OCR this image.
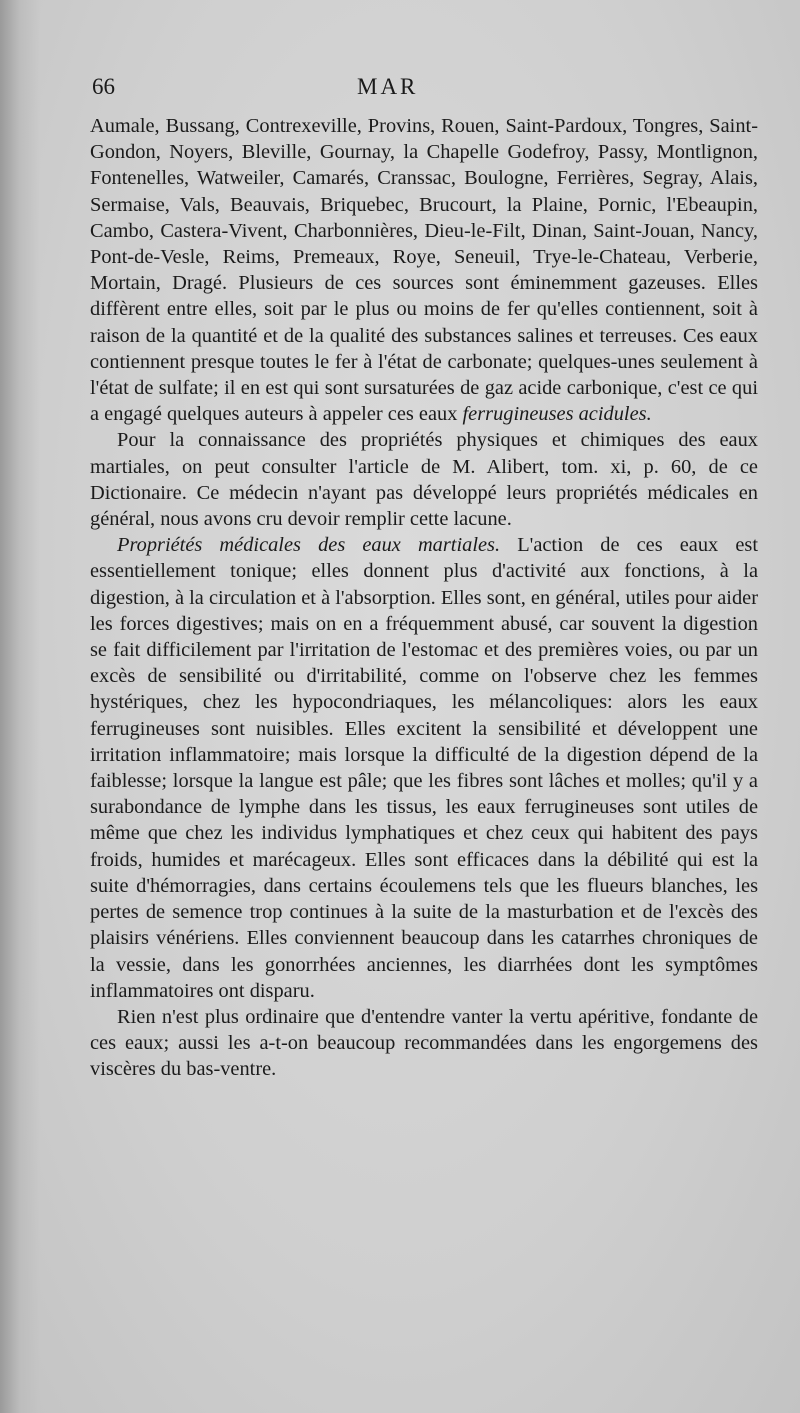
66	MAR

Aumale, Bussang, Contrexeville, Provins, Rouen, Saint-Pardoux, Tongres, Saint-Gondon, Noyers, Bleville, Gournay, la Chapelle Godefroy, Passy, Montlignon, Fontenelles, Watweiler, Camarés, Cranssac, Boulogne, Ferrières, Segray, Alais, Sermaise, Vals, Beauvais, Briquebec, Brucourt, la Plaine, Pornic, l'Ebeaupin, Cambo, Castera-Vivent, Charbonnières, Dieu-le-Filt, Dinan, Saint-Jouan, Nancy, Pont-de-Vesle, Reims, Premeaux, Roye, Seneuil, Trye-le-Chateau, Verberie, Mortain, Dragé. Plusieurs de ces sources sont éminemment gazeuses. Elles diffèrent entre elles, soit par le plus ou moins de fer qu'elles contiennent, soit à raison de la quantité et de la qualité des substances salines et terreuses. Ces eaux contiennent presque toutes le fer à l'état de carbonate; quelques-unes seulement à l'état de sulfate; il en est qui sont sursaturées de gaz acide carbonique, c'est ce qui a engagé quelques auteurs à appeler ces eaux ferrugineuses acidules.

Pour la connaissance des propriétés physiques et chimiques des eaux martiales, on peut consulter l'article de M. Alibert, tom. xi, p. 60, de ce Dictionaire. Ce médecin n'ayant pas développé leurs propriétés médicales en général, nous avons cru devoir remplir cette lacune.

Propriétés médicales des eaux martiales. L'action de ces eaux est essentiellement tonique; elles donnent plus d'activité aux fonctions, à la digestion, à la circulation et à l'absorption. Elles sont, en général, utiles pour aider les forces digestives; mais on en a fréquemment abusé, car souvent la digestion se fait difficilement par l'irritation de l'estomac et des premières voies, ou par un excès de sensibilité ou d'irritabilité, comme on l'observe chez les femmes hystériques, chez les hypocondriaques, les mélancoliques: alors les eaux ferrugineuses sont nuisibles. Elles excitent la sensibilité et développent une irritation inflammatoire; mais lorsque la difficulté de la digestion dépend de la faiblesse; lorsque la langue est pâle; que les fibres sont lâches et molles; qu'il y a surabondance de lymphe dans les tissus, les eaux ferrugineuses sont utiles de même que chez les individus lymphatiques et chez ceux qui habitent des pays froids, humides et marécageux. Elles sont efficaces dans la débilité qui est la suite d'hémorragies, dans certains écoulemens tels que les flueurs blanches, les pertes de semence trop continues à la suite de la masturbation et de l'excès des plaisirs vénériens. Elles conviennent beaucoup dans les catarrhes chroniques de la vessie, dans les gonorrhées anciennes, les diarrhées dont les symptômes inflammatoires ont disparu.

Rien n'est plus ordinaire que d'entendre vanter la vertu apéritive, fondante de ces eaux; aussi les a-t-on beaucoup recommandées dans les engorgemens des viscères du bas-ventre.
